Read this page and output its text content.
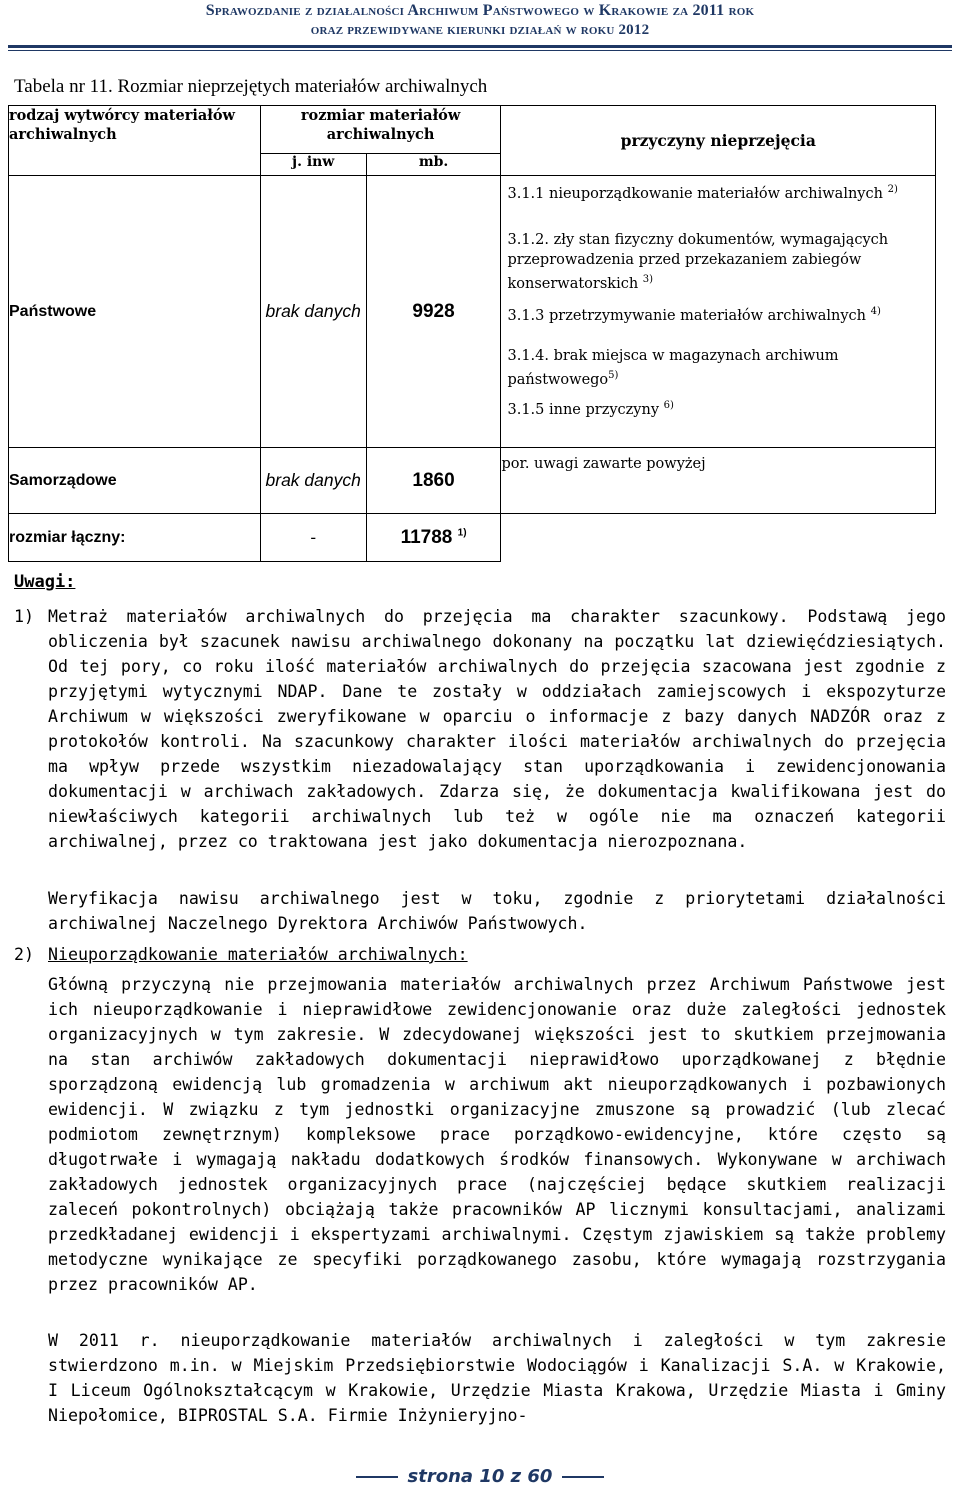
Sprawozdanie z działalności Archiwum Państwowego w Krakowie za 2011 rok
oraz przewidywane kierunki działań w roku 2012
Tabela nr 11. Rozmiar nieprzejętych materiałów archiwalnych
rodzaj wytwórcy materiałów archiwalnych	rozmiar materiałów archiwalnych		przyczyny nieprzejęcia
	j. inw	mb.	
Państwowe	brak danych	9928	3.1.1 nieuporządkowanie materiałów archiwalnych $^{2)}$
3.1.2. zły stan fizyczny dokumentów, wymagających przeprowadzenia przed przekazaniem zabiegów konserwatorskich $^{3)}$
3.1.3 przetrzymywanie materiałów archiwalnych $^{4)}$
3.1.4. brak miejsca w magazynach archiwum państwowego$^{5)}$
3.1.5 inne przyczyny $^{6)}$

Samorządowe	brak danych	1860	por. uwagi zawarte powyżej
rozmiar łączny:	-	11788 $^{1)}$	
Uwagi:
1) Metraż materiałów archiwalnych do przejęcia ma charakter szacunkowy. Podstawą jego obliczenia był szacunek nawisu archiwalnego dokonany na początku lat dziewięćdziesiątych. Od tej pory, co roku ilość materiałów archiwalnych do przejęcia szacowana jest zgodnie z przyjętymi wytycznymi NDAP. Dane te zostały w oddziałach zamiejscowych i ekspozyturze Archiwum w większości zweryfikowane w oparciu o informacje z bazy danych NADZÓR oraz z protokołów kontroli. Na szacunkowy charakter ilości materiałów archiwalnych do przejęcia ma wpływ przede wszystkim niezadowalający stan uporządkowania i zewidencjonowania dokumentacji w archiwach zakładowych. Zdarza się, że dokumentacja kwalifikowana jest do niewłaściwych kategorii archiwalnych lub też w ogóle nie ma oznaczeń kategorii archiwalnej, przez co traktowana jest jako dokumentacja nierozpoznana.
Weryfikacja nawisu archiwalnego jest w toku, zgodnie z priorytetami działalności archiwalnej Naczelnego Dyrektora Archiwów Państwowych.
2) Nieuporządkowanie materiałów archiwalnych:
Główną przyczyną nie przejmowania materiałów archiwalnych przez Archiwum Państwowe jest ich nieuporządkowanie i nieprawidłowe zewidencjonowanie oraz duże zaległości jednostek organizacyjnych w tym zakresie. W zdecydowanej większości jest to skutkiem przejmowania na stan archiwów zakładowych dokumentacji nieprawidłowo uporządkowanej z błędnie sporządzoną ewidencją lub gromadzenia w archiwum akt nieuporządkowanych i pozbawionych ewidencji. W związku z tym jednostki organizacyjne zmuszone są prowadzić (lub zlecać podmiotom zewnętrznym) kompleksowe prace porządkowo-ewidencyjne, które często są długotrwałe i wymagają nakładu dodatkowych środków finansowych. Wykonywane w archiwach zakładowych jednostek organizacyjnych prace (najczęściej będące skutkiem realizacji zaleceń pokontrolnych) obciążają także pracowników AP licznymi konsultacjami, analizami przedkładanej ewidencji i ekspertyzami archiwalnymi. Częstym zjawiskiem są także problemy metodyczne wynikające ze specyfiki porządkowanego zasobu, które wymagają rozstrzygania przez pracowników AP.
W 2011 r. nieuporządkowanie materiałów archiwalnych i zaległości w tym zakresie stwierdzono m.in. w Miejskim Przedsiębiorstwie Wodociągów i Kanalizacji S.A. w Krakowie, I Liceum Ogólnokształcącym w Krakowie, Urzędzie Miasta Krakowa, Urzędzie Miasta i Gminy Niepołomice, BIPROSTAL S.A. Firmie Inżynieryjno-
strona 10 z 60
